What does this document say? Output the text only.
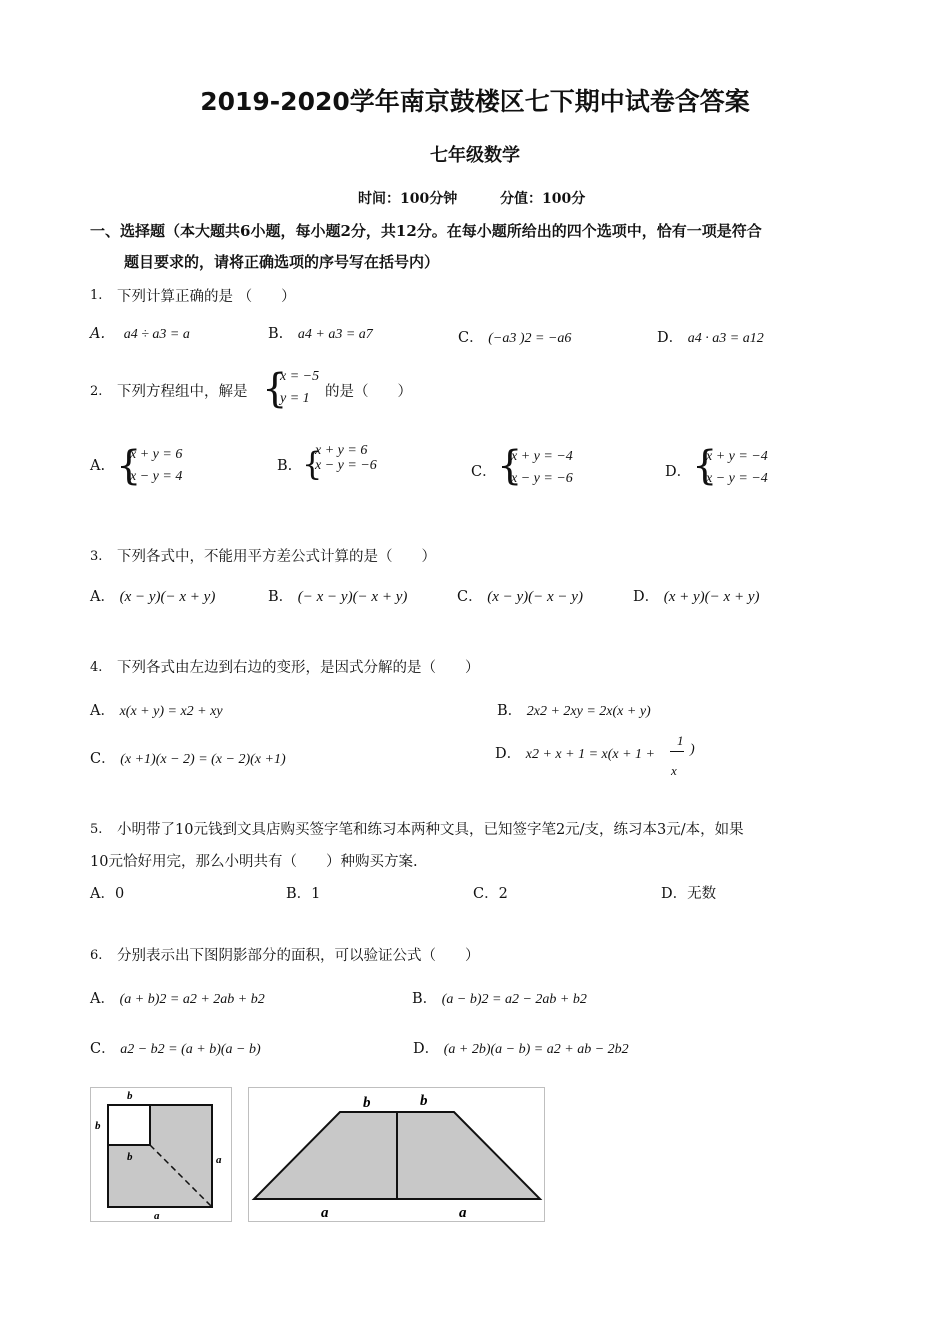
2019-2020学年南京鼓楼区七下期中试卷含答案
七年级数学
时间：100分钟	分值：100分
一、选择题（本大题共6小题，每小题2分，共12分。在每小题所给出的四个选项中，恰有一项是符合
题目要求的，请将正确选项的序号写在括号内）
1. 下列计算正确的是 （　　）
A. a4 ÷ a3 = a	B. a4 + a3 = a7	C． (−a3 )2 = −a6	D． a4 · a3 = a12
2. 下列方程组中，解是 {
x = −5
y = 1	的是（　　）
A. {
x + y = 6
x − y = 4
B. {
x + y = 6
x − y = −6	C． {
x + y = −4
x − y = −6	D． {
x + y = −4
x − y = −4
3. 下列各式中，不能用平方差公式计算的是（　　）
A． (x − y)(− x + y)	B． (− x − y)(− x + y)	C． (x − y)(− x − y)	D． (x + y)(− x + y)
4. 下列各式由左边到右边的变形，是因式分解的是（　　）
A． x(x + y) = x2 + xy	B． 2x2 + 2xy = 2x(x + y)
C． (x +1)(x − 2) = (x − 2)(x +1)	D． x2 + x + 1 = x(x + 1 +
1
x
)
5. 小明带了10元钱到文具店购买签字笔和练习本两种文具，已知签字笔2元/支，练习本3元/本，如果
10元恰好用完，那么小明共有（　　）种购买方案.
A．0	B．1	C．2	D．无数
6. 分别表示出下图阴影部分的面积，可以验证公式（　　）
A． (a + b)2 = a2 + 2ab + b2	B． (a − b)2 = a2 − 2ab + b2
C． a2 − b2 = (a + b)(a − b)	D． (a + 2b)(a − b) = a2 + ab − 2b2
b
b
b	a
a
b	b
a	a
